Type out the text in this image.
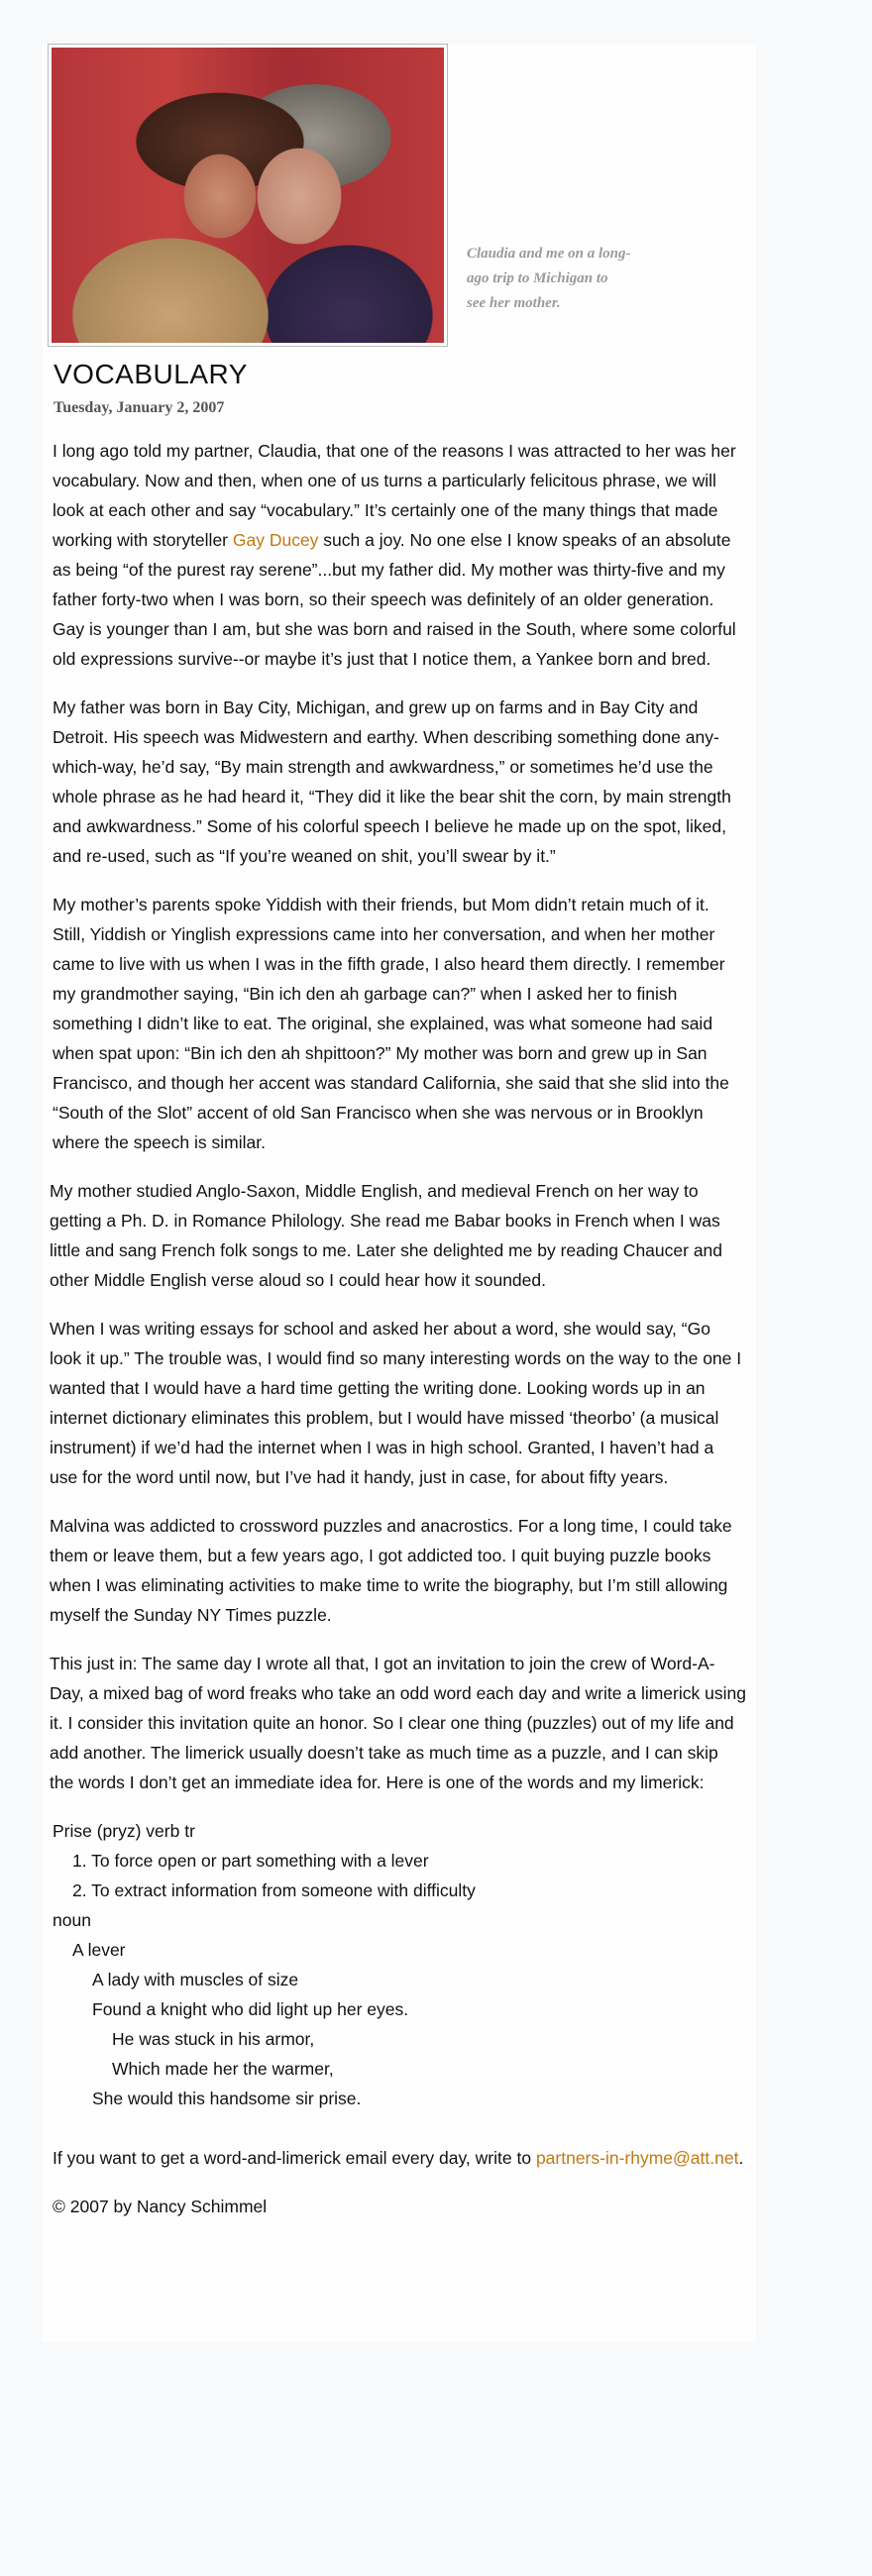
Claudia and me on a long-
ago trip to Michigan to
see her mother.
VOCABULARY
Tuesday, January 2, 2007

I long ago told my partner, Claudia, that one of the reasons I was attracted to her was her vocabulary. Now and then, when one of us turns a particularly felicitous phrase, we will look at each other and say “vocabulary.” It’s certainly one of the many things that made working with storyteller Gay Ducey such a joy. No one else I know speaks of an absolute as being “of the purest ray serene”...but my father did. My mother was thirty-five and my father forty-two when I was born, so their speech was definitely of an older generation. Gay is younger than I am, but she was born and raised in the South, where some colorful old expressions survive--or maybe it’s just that I notice them, a Yankee born and bred.

My father was born in Bay City, Michigan, and grew up on farms and in Bay City and Detroit. His speech was Midwestern and earthy. When describing something done any-which-way, he’d say, “By main strength and awkwardness,” or sometimes he’d use the whole phrase as he had heard it, “They did it like the bear shit the corn, by main strength and awkwardness.” Some of his colorful speech I believe he made up on the spot, liked, and re-used, such as “If you’re weaned on shit, you’ll swear by it.”

My mother’s parents spoke Yiddish with their friends, but Mom didn’t retain much of it. Still, Yiddish or Yinglish expressions came into her conversation, and when her mother came to live with us when I was in the fifth grade, I also heard them directly. I remember my grandmother saying, “Bin ich den ah garbage can?” when I asked her to finish something I didn’t like to eat. The original, she explained, was what someone had said when spat upon: “Bin ich den ah shpittoon?” My mother was born and grew up in San Francisco, and though her accent was standard California, she said that she slid into the “South of the Slot” accent of old San Francisco when she was nervous or in Brooklyn where the speech is similar.

My mother studied Anglo-Saxon, Middle English, and medieval French on her way to getting a Ph. D. in Romance Philology. She read me Babar books in French when I was little and sang French folk songs to me. Later she delighted me by reading Chaucer and other Middle English verse aloud so I could hear how it sounded.

When I was writing essays for school and asked her about a word, she would say, “Go look it up.” The trouble was, I would find so many interesting words on the way to the one I wanted that I would have a hard time getting the writing done. Looking words up in an internet dictionary eliminates this problem, but I would have missed ‘theorbo’ (a musical instrument) if we’d had the internet when I was in high school. Granted, I haven’t had a use for the word until now, but I’ve had it handy, just in case, for about fifty years.

Malvina was addicted to crossword puzzles and anacrostics. For a long time, I could take them or leave them, but a few years ago, I got addicted too. I quit buying puzzle books when I was eliminating activities to make time to write the biography, but I’m still allowing myself the Sunday NY Times puzzle.

This just in: The same day I wrote all that, I got an invitation to join the crew of Word-A-Day, a mixed bag of word freaks who take an odd word each day and write a limerick using it. I consider this invitation quite an honor. So I clear one thing (puzzles) out of my life and add another. The limerick usually doesn’t take as much time as a puzzle, and I can skip the words I don’t get an immediate idea for. Here is one of the words and my limerick:

Prise (pryz) verb tr
1. To force open or part something with a lever
2. To extract information from someone with difficulty
noun
A lever
A lady with muscles of size
Found a knight who did light up her eyes.
He was stuck in his armor,
Which made her the warmer,
She would this handsome sir prise.

If you want to get a word-and-limerick email every day, write to partners-in-rhyme@att.net.

© 2007 by Nancy Schimmel
